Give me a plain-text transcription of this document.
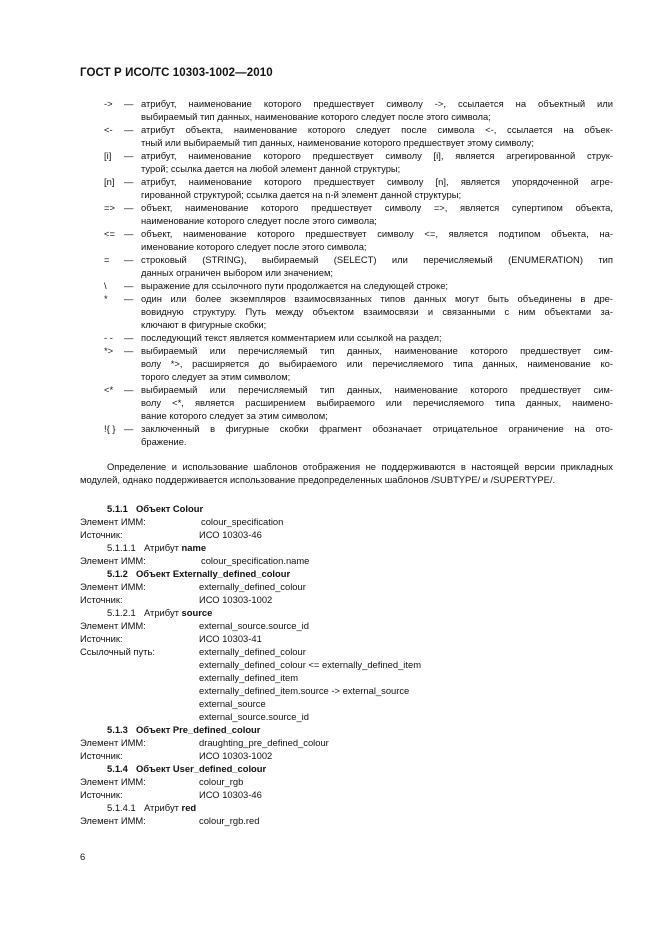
ГОСТ Р ИСО/ТС 10303-1002—2010
-> — атрибут, наименование которого предшествует символу ->, ссылается на объектный или
выбираемый тип данных, наименование которого следует после этого символа;
<- — атрибут объекта, наименование которого следует после символа <-, ссылается на объек-
тный или выбираемый тип данных, наименование которого предшествует этому символу;
[i] — атрибут, наименование которого предшествует символу [i], является агрегированной струк-
турой; ссылка дается на любой элемент данной структуры;
[n] — атрибут, наименование которого предшествует символу [n], является упорядоченной агре-
гированной структурой; ссылка дается на n-й элемент данной структуры;
=> — объект, наименование которого предшествует символу =>, является супертипом объекта,
наименование которого следует после этого символа;
<= — объект, наименование которого предшествует символу <=, является подтипом объекта, на-
именование которого следует после этого символа;
= — строковый (STRING), выбираемый (SELECT) или перечисляемый (ENUMERATION) тип
данных ограничен выбором или значением;
\ — выражение для ссылочного пути продолжается на следующей строке;
* — один или более экземпляров взаимосвязанных типов данных могут быть объединены в дре-
вовидную структуру. Путь между объектом взаимосвязи и связанными с ним объектами за-
ключают в фигурные скобки;
- - — последующий текст является комментарием или ссылкой на раздел;
*> — выбираемый или перечисляемый тип данных, наименование которого предшествует сим-
волу *>, расширяется до выбираемого или перечисляемого типа данных, наименование ко-
торого следует за этим символом;
<* — выбираемый или перечисляемый тип данных, наименование которого предшествует сим-
волу <*, является расширением выбираемого или перечисляемого типа данных, наимено-
вание которого следует за этим символом;
!{ } — заключенный в фигурные скобки фрагмент обозначает отрицательное ограничение на ото-
бражение.

Определение и использование шаблонов отображения не поддерживаются в настоящей версии прикладных модулей, однако поддерживается использование предопределенных шаблонов /SUBTYPE/ и /SUPERTYPE/.

5.1.1 Объект Colour
Элемент ИММ:	colour_specification
Источник:	ИСО 10303-46
5.1.1.1 Атрибут name
Элемент ИММ:	colour_specification.name
5.1.2 Объект Externally_defined_colour
Элемент ИММ:	externally_defined_colour
Источник:	ИСО 10303-1002
5.1.2.1 Атрибут source
Элемент ИММ:	external_source.source_id
Источник:	ИСО 10303-41
Ссылочный путь:	externally_defined_colour
externally_defined_colour <= externally_defined_item
externally_defined_item
externally_defined_item.source -> external_source
external_source
external_source.source_id
5.1.3 Объект Pre_defined_colour
Элемент ИММ:	draughting_pre_defined_colour
Источник:	ИСО 10303-1002
5.1.4 Объект User_defined_colour
Элемент ИММ:	colour_rgb
Источник:	ИСО 10303-46
5.1.4.1 Атрибут red
Элемент ИММ:	colour_rgb.red
6
